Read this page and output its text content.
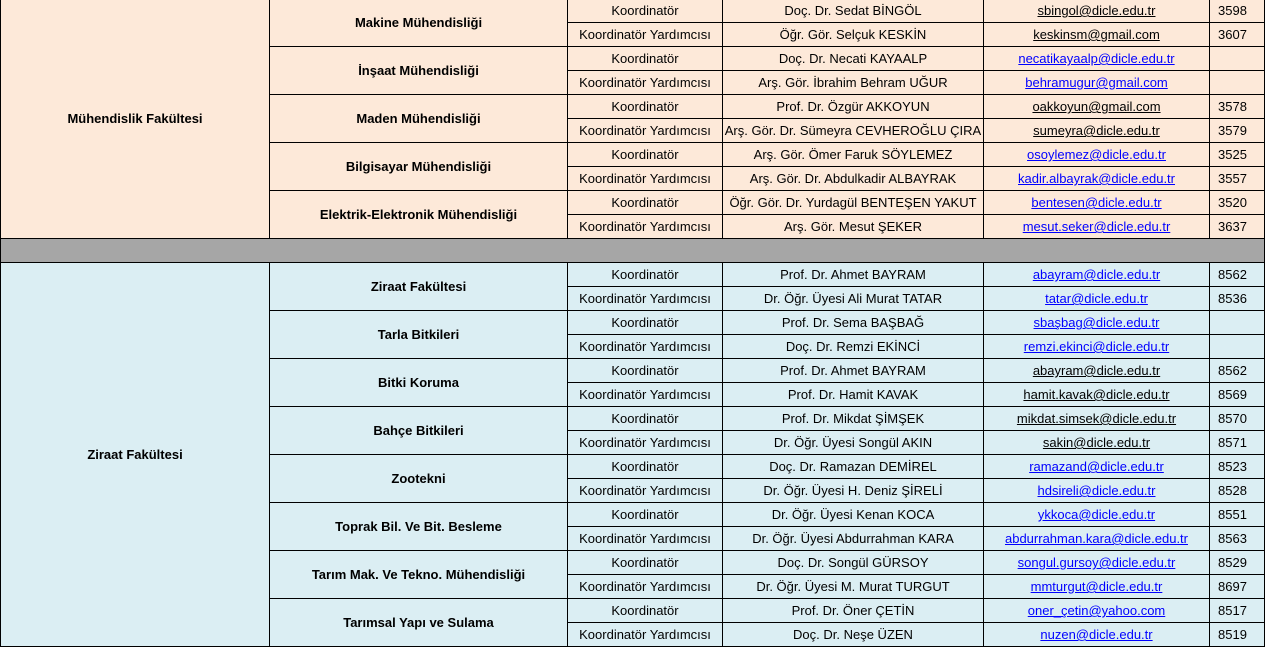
Mühendislik Fakültesi	Makine Mühendisliği	Koordinatör	Doç. Dr. Sedat BİNGÖL	sbingol@dicle.edu.tr	3598
		Koordinatör Yardımcısı	Öğr. Gör. Selçuk KESKİN	keskinsm@gmail.com	3607
	İnşaat Mühendisliği	Koordinatör	Doç. Dr. Necati KAYAALP	necatikayaalp@dicle.edu.tr	
		Koordinatör Yardımcısı	Arş. Gör. İbrahim Behram UĞUR	behramugur@gmail.com	
	Maden Mühendisliği	Koordinatör	Prof. Dr. Özgür AKKOYUN	oakkoyun@gmail.com	3578
		Koordinatör Yardımcısı	Arş. Gör. Dr. Sümeyra CEVHEROĞLU ÇIRA	sumeyra@dicle.edu.tr	3579
	Bilgisayar Mühendisliği	Koordinatör	Arş. Gör. Ömer Faruk SÖYLEMEZ	osoylemez@dicle.edu.tr	3525
		Koordinatör Yardımcısı	Arş. Gör. Dr. Abdulkadir ALBAYRAK	kadir.albayrak@dicle.edu.tr	3557
	Elektrik-Elektronik Mühendisliği	Koordinatör	Öğr. Gör. Dr. Yurdagül BENTEŞEN YAKUT	bentesen@dicle.edu.tr	3520
		Koordinatör Yardımcısı	Arş. Gör. Mesut ŞEKER	mesut.seker@dicle.edu.tr	3637

Ziraat Fakültesi	Ziraat Fakültesi	Koordinatör	Prof. Dr. Ahmet BAYRAM	abayram@dicle.edu.tr	8562
		Koordinatör Yardımcısı	Dr. Öğr. Üyesi Ali Murat TATAR	tatar@dicle.edu.tr	8536
	Tarla Bitkileri	Koordinatör	Prof. Dr. Sema BAŞBAĞ	sbaşbag@dicle.edu.tr	
		Koordinatör Yardımcısı	Doç. Dr. Remzi EKİNCİ	remzi.ekinci@dicle.edu.tr	
	Bitki Koruma	Koordinatör	Prof. Dr. Ahmet BAYRAM	abayram@dicle.edu.tr	8562
		Koordinatör Yardımcısı	Prof. Dr. Hamit KAVAK	hamit.kavak@dicle.edu.tr	8569
	Bahçe Bitkileri	Koordinatör	Prof. Dr. Mikdat ŞİMŞEK	mikdat.simsek@dicle.edu.tr	8570
		Koordinatör Yardımcısı	Dr. Öğr. Üyesi Songül AKIN	sakin@dicle.edu.tr	8571
	Zootekni	Koordinatör	Doç. Dr. Ramazan DEMİREL	ramazand@dicle.edu.tr	8523
		Koordinatör Yardımcısı	Dr. Öğr. Üyesi H. Deniz ŞİRELİ	hdsireli@dicle.edu.tr	8528
	Toprak Bil. Ve Bit. Besleme	Koordinatör	Dr. Öğr. Üyesi Kenan KOCA	ykkoca@dicle.edu.tr	8551
		Koordinatör Yardımcısı	Dr. Öğr. Üyesi Abdurrahman KARA	abdurrahman.kara@dicle.edu.tr	8563
	Tarım Mak. Ve Tekno. Mühendisliği	Koordinatör	Doç. Dr. Songül GÜRSOY	songul.gursoy@dicle.edu.tr	8529
		Koordinatör Yardımcısı	Dr. Öğr. Üyesi M. Murat TURGUT	mmturgut@dicle.edu.tr	8697
	Tarımsal Yapı ve Sulama	Koordinatör	Prof. Dr. Öner ÇETİN	oner_çetin@yahoo.com	8517
		Koordinatör Yardımcısı	Doç. Dr. Neşe ÜZEN	nuzen@dicle.edu.tr	8519
